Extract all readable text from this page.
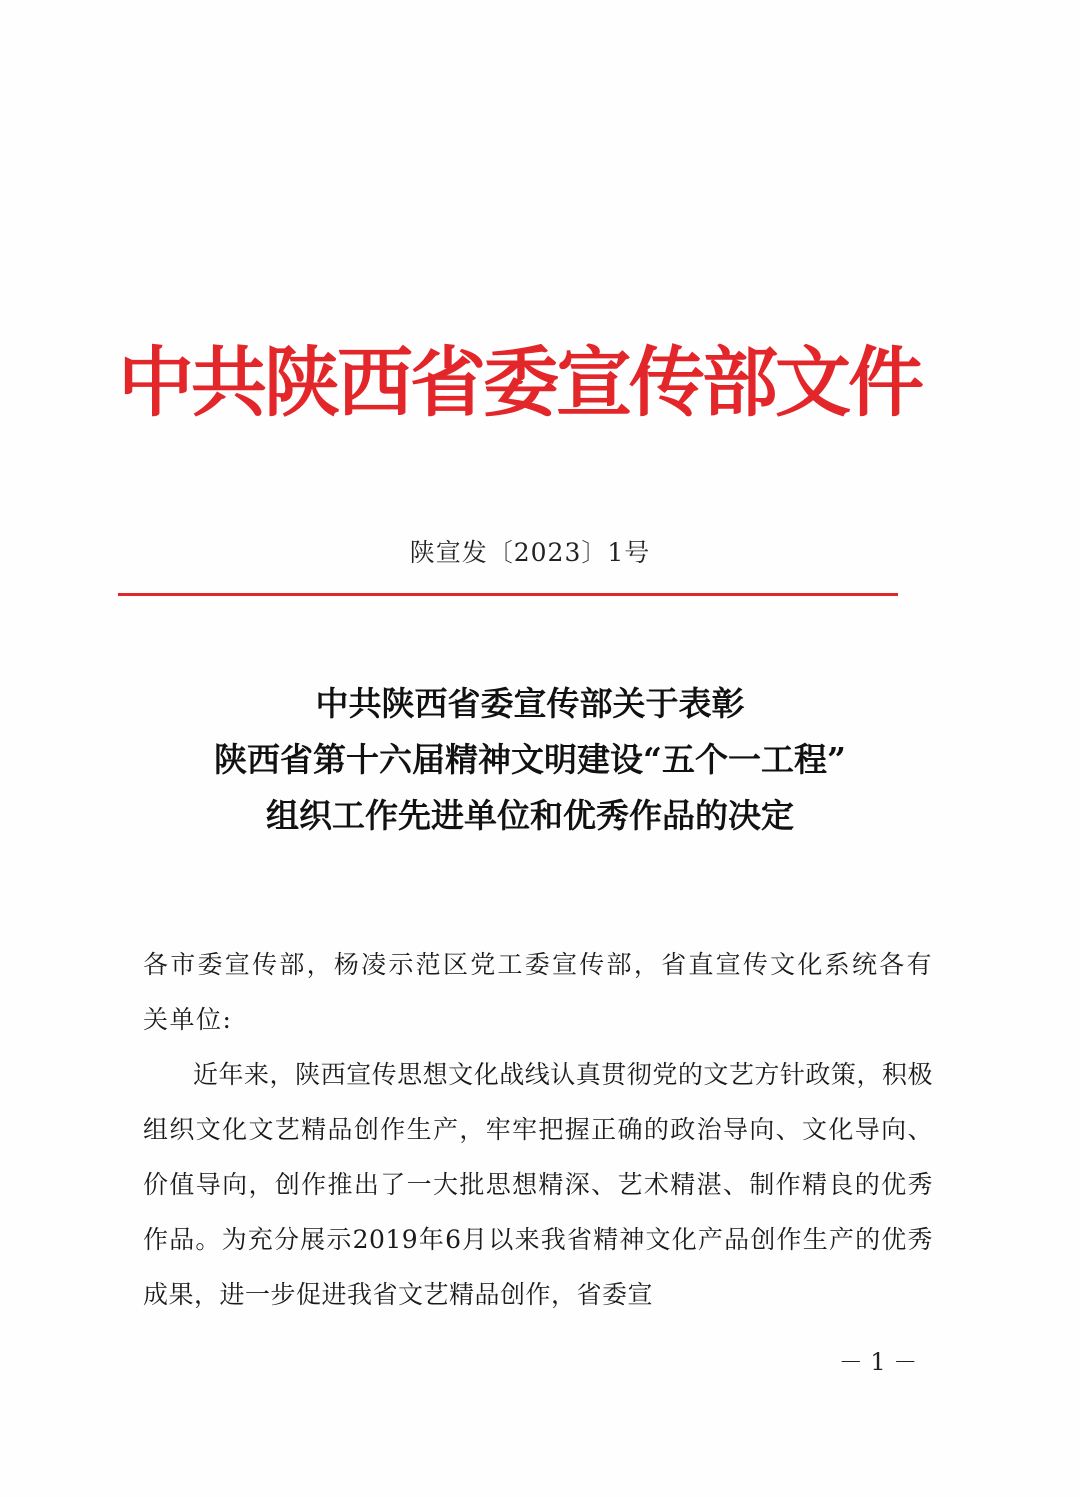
中共陕西省委宣传部文件
陕宣发〔2023〕1号
中共陕西省委宣传部关于表彰
陕西省第十六届精神文明建设“五个一工程”
组织工作先进单位和优秀作品的决定

各市委宣传部，杨凌示范区党工委宣传部，省直宣传文化系统各有关单位:

近年来，陕西宣传思想文化战线认真贯彻党的文艺方针政策，积极组织文化文艺精品创作生产，牢牢把握正确的政治导向、文化导向、价值导向，创作推出了一大批思想精深、艺术精湛、制作精良的优秀作品。为充分展示2019年6月以来我省精神文化产品创作生产的优秀成果，进一步促进我省文艺精品创作，省委宣

－ 1 －
